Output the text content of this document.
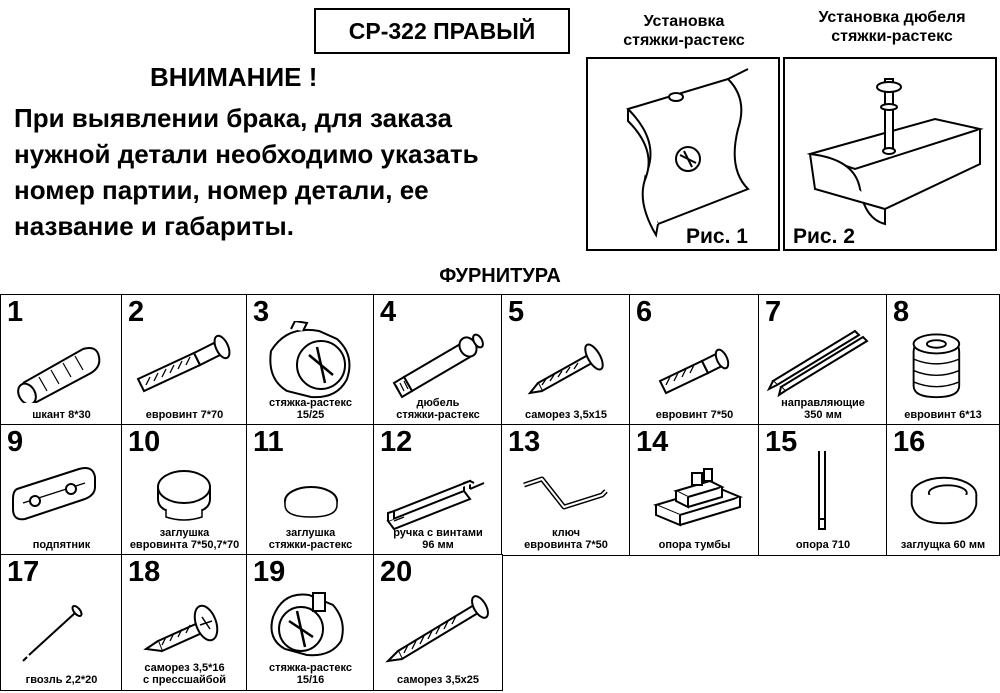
СР-322 ПРАВЫЙ
ВНИМАНИЕ !
При выявлении брака, для заказа
нужной детали необходимо указать
номер партии, номер детали, ее
название и габариты.
Установка
стяжки-растекс
Установка дюбеля
стяжки-растекс
Рис. 1 Рис. 2
ФУРНИТУРА
1
шкант 8*30
2
евровинт 7*70
3
стяжка-растекс
15/25
4
дюбель
стяжки-растекс
5
саморез 3,5х15
6
евровинт 7*50
7
направляющие
350 мм
8
евровинт 6*13
9
подпятник
10
заглушка
евровинта 7*50,7*70
11
заглушка
стяжки-растекс
12
ручка с винтами
96 мм
13
ключ
евровинта 7*50
14
опора тумбы
15
опора 710
16
заглущка 60 мм
17
гвозль 2,2*20
18
саморез 3,5*16
с прессшайбой
19
стяжка-растекс
15/16
20
саморез 3,5х25
